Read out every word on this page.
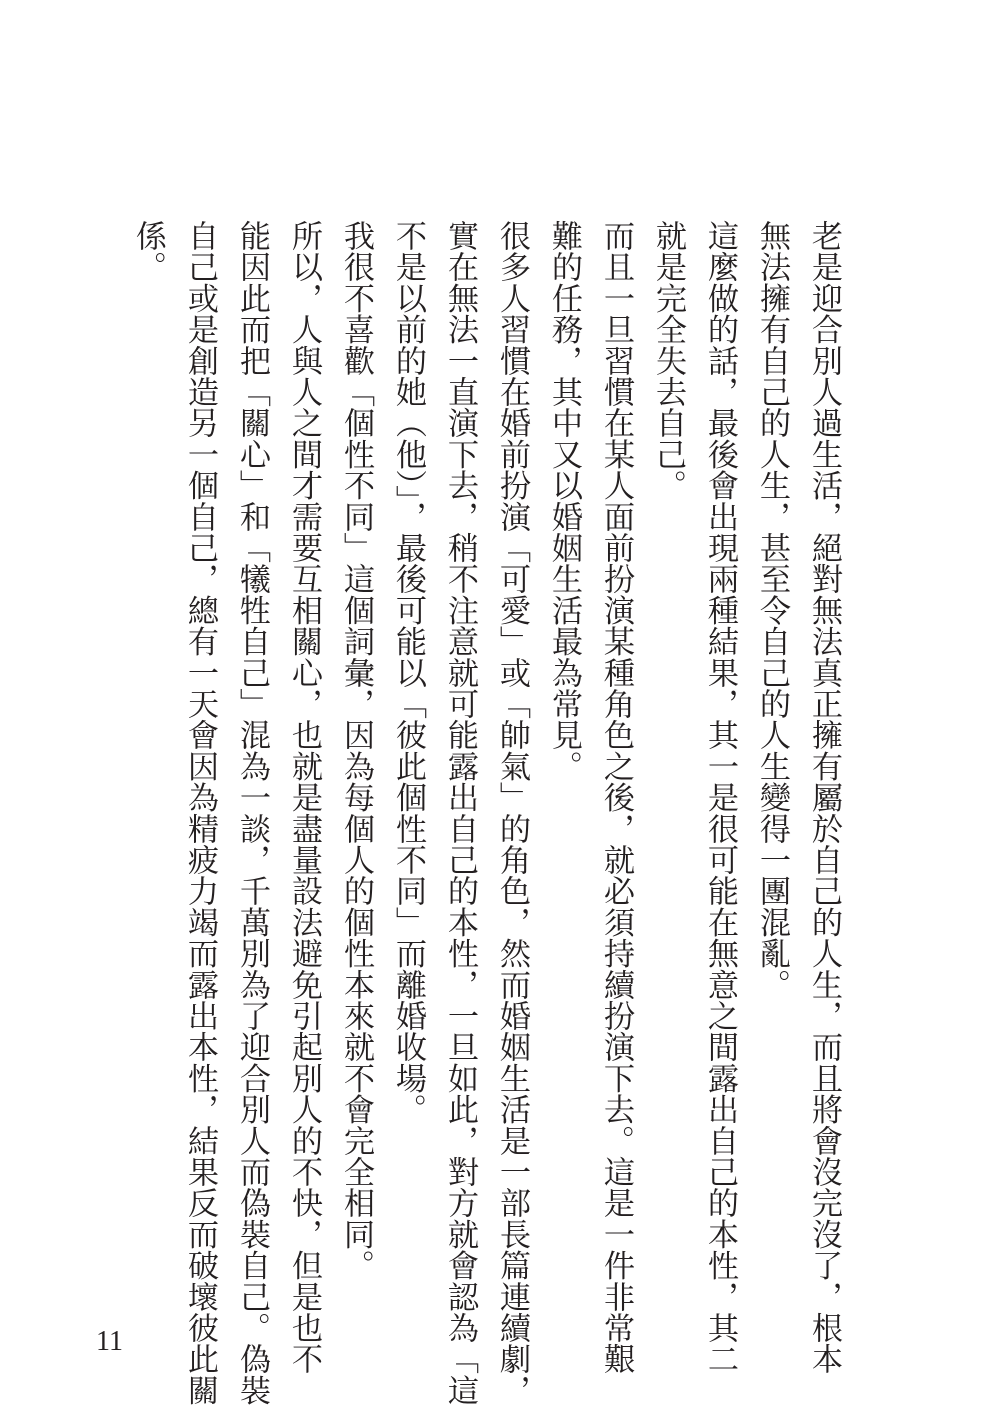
老是迎合別人過生活，絕對無法真正擁有屬於自己的人生，而且將會沒完沒了，根本
無法擁有自己的人生，甚至令自己的人生變得一團混亂。
這麼做的話，最後會出現兩種結果，其一是很可能在無意之間露出自己的本性，其二
就是完全失去自己。
而且一旦習慣在某人面前扮演某種角色之後，就必須持續扮演下去。這是一件非常艱
難的任務，其中又以婚姻生活最為常見。
很多人習慣在婚前扮演「可愛」或「帥氣」的角色，然而婚姻生活是一部長篇連續劇，
實在無法一直演下去，稍不注意就可能露出自己的本性，一旦如此，對方就會認為「這
不是以前的她（他）」，最後可能以「彼此個性不同」而離婚收場。
我很不喜歡「個性不同」這個詞彙，因為每個人的個性本來就不會完全相同。
所以，人與人之間才需要互相關心，也就是盡量設法避免引起別人的不快，但是也不
能因此而把「關心」和「犧牲自己」混為一談，千萬別為了迎合別人而偽裝自己。偽裝
自己或是創造另一個自己，總有一天會因為精疲力竭而露出本性，結果反而破壞彼此關
係。
11
